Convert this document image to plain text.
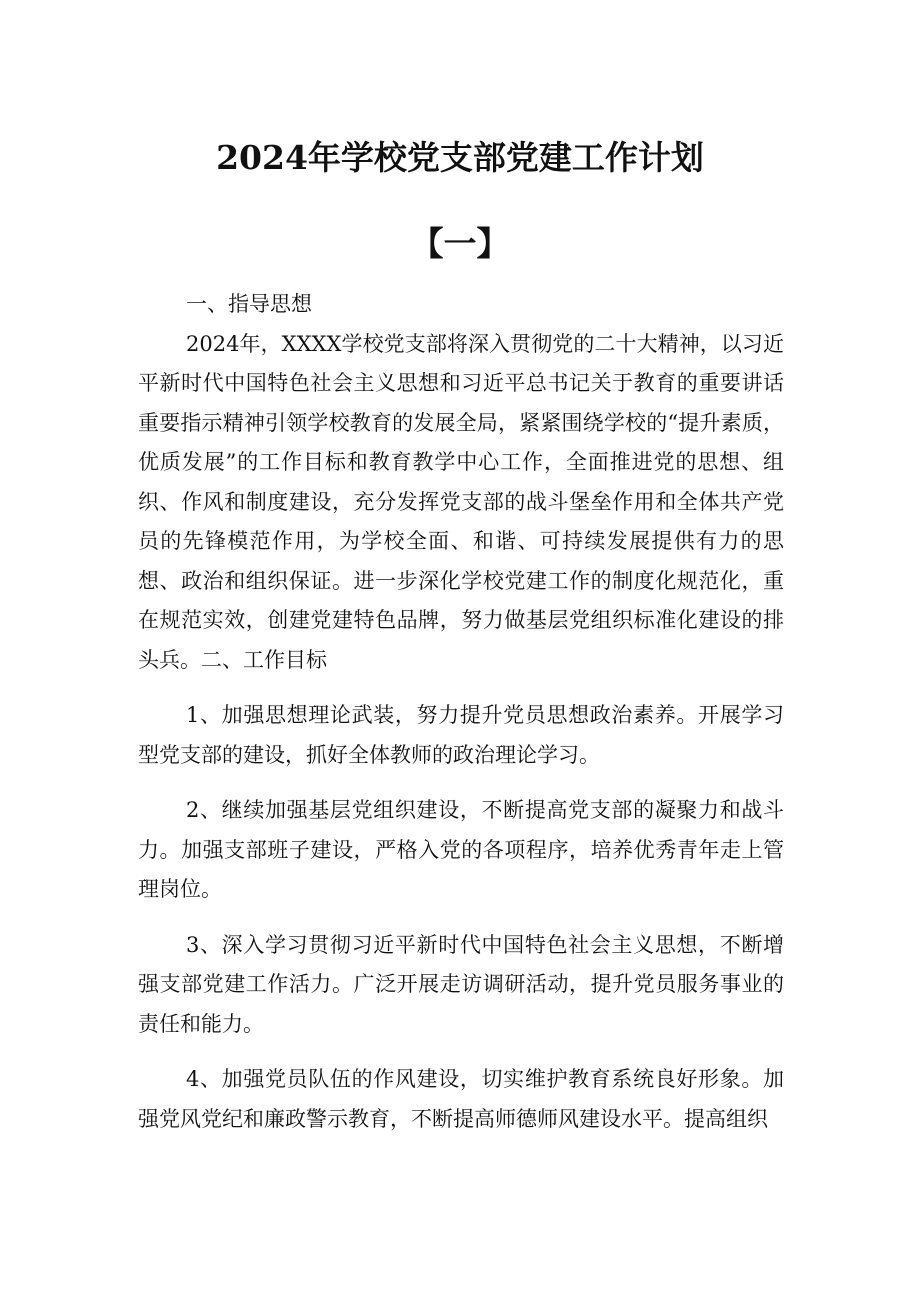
2024年学校党支部党建工作计划
【一】

一、指导思想

2024年，XXXX学校党支部将深入贯彻党的二十大精神，以习近平新时代中国特色社会主义思想和习近平总书记关于教育的重要讲话重要指示精神引领学校教育的发展全局，紧紧围绕学校的“提升素质，优质发展”的工作目标和教育教学中心工作，全面推进党的思想、组织、作风和制度建设，充分发挥党支部的战斗堡垒作用和全体共产党员的先锋模范作用，为学校全面、和谐、可持续发展提供有力的思想、政治和组织保证。进一步深化学校党建工作的制度化规范化，重在规范实效，创建党建特色品牌，努力做基层党组织标准化建设的排头兵。二、工作目标

1、加强思想理论武装，努力提升党员思想政治素养。开展学习型党支部的建设，抓好全体教师的政治理论学习。

2、继续加强基层党组织建设，不断提高党支部的凝聚力和战斗力。加强支部班子建设，严格入党的各项程序，培养优秀青年走上管理岗位。

3、深入学习贯彻习近平新时代中国特色社会主义思想，不断增强支部党建工作活力。广泛开展走访调研活动，提升党员服务事业的责任和能力。

4、加强党员队伍的作风建设，切实维护教育系统良好形象。加强党风党纪和廉政警示教育，不断提高师德师风建设水平。提高组织
